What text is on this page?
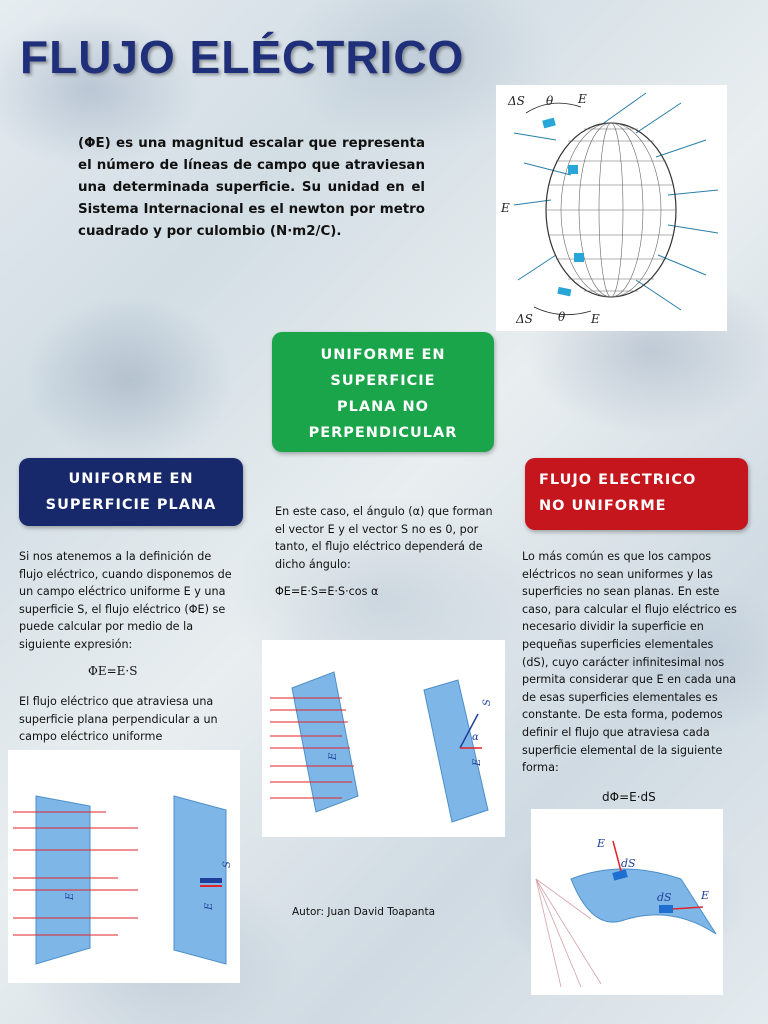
FLUJO ELÉCTRICO

(ΦE) es una magnitud escalar que representa el número de líneas de campo que atraviesan una determinada superficie. Su unidad en el Sistema Internacional es el newton por metro cuadrado y por culombio (N·m2/C).

ΔS θ E
E
ΔS θ E
UNIFORME EN
SUPERFICIE
PLANA NO
PERPENDICULAR
UNIFORME EN
SUPERFICIE PLANA
FLUJO ELECTRICO
NO UNIFORME

Si nos atenemos a la definición de flujo eléctrico, cuando disponemos de un campo eléctrico uniforme E y una superficie S, el flujo eléctrico (ΦE) se puede calcular por medio de la siguiente expresión:

ΦE=E·S

El flujo eléctrico que atraviesa una superficie plana perpendicular a un campo eléctrico uniforme

E
S
E

En este caso, el ángulo (α) que forman el vector E y el vector S no es 0, por tanto, el flujo eléctrico dependerá de dicho ángulo:

ΦE=E·S=E·S·cos α

E
S
α
E

Lo más común es que los campos eléctricos no sean uniformes y las superficies no sean planas. En este caso, para calcular el flujo eléctrico es necesario dividir la superficie en pequeñas superficies elementales (dS), cuyo carácter infinitesimal nos permita considerar que E en cada una de esas superficies elementales es constante. De esta forma, podemos definir el flujo que atraviesa cada superficie elemental de la siguiente forma:

dΦ=E·dS

E
dS
dS	E

Autor: Juan David Toapanta
